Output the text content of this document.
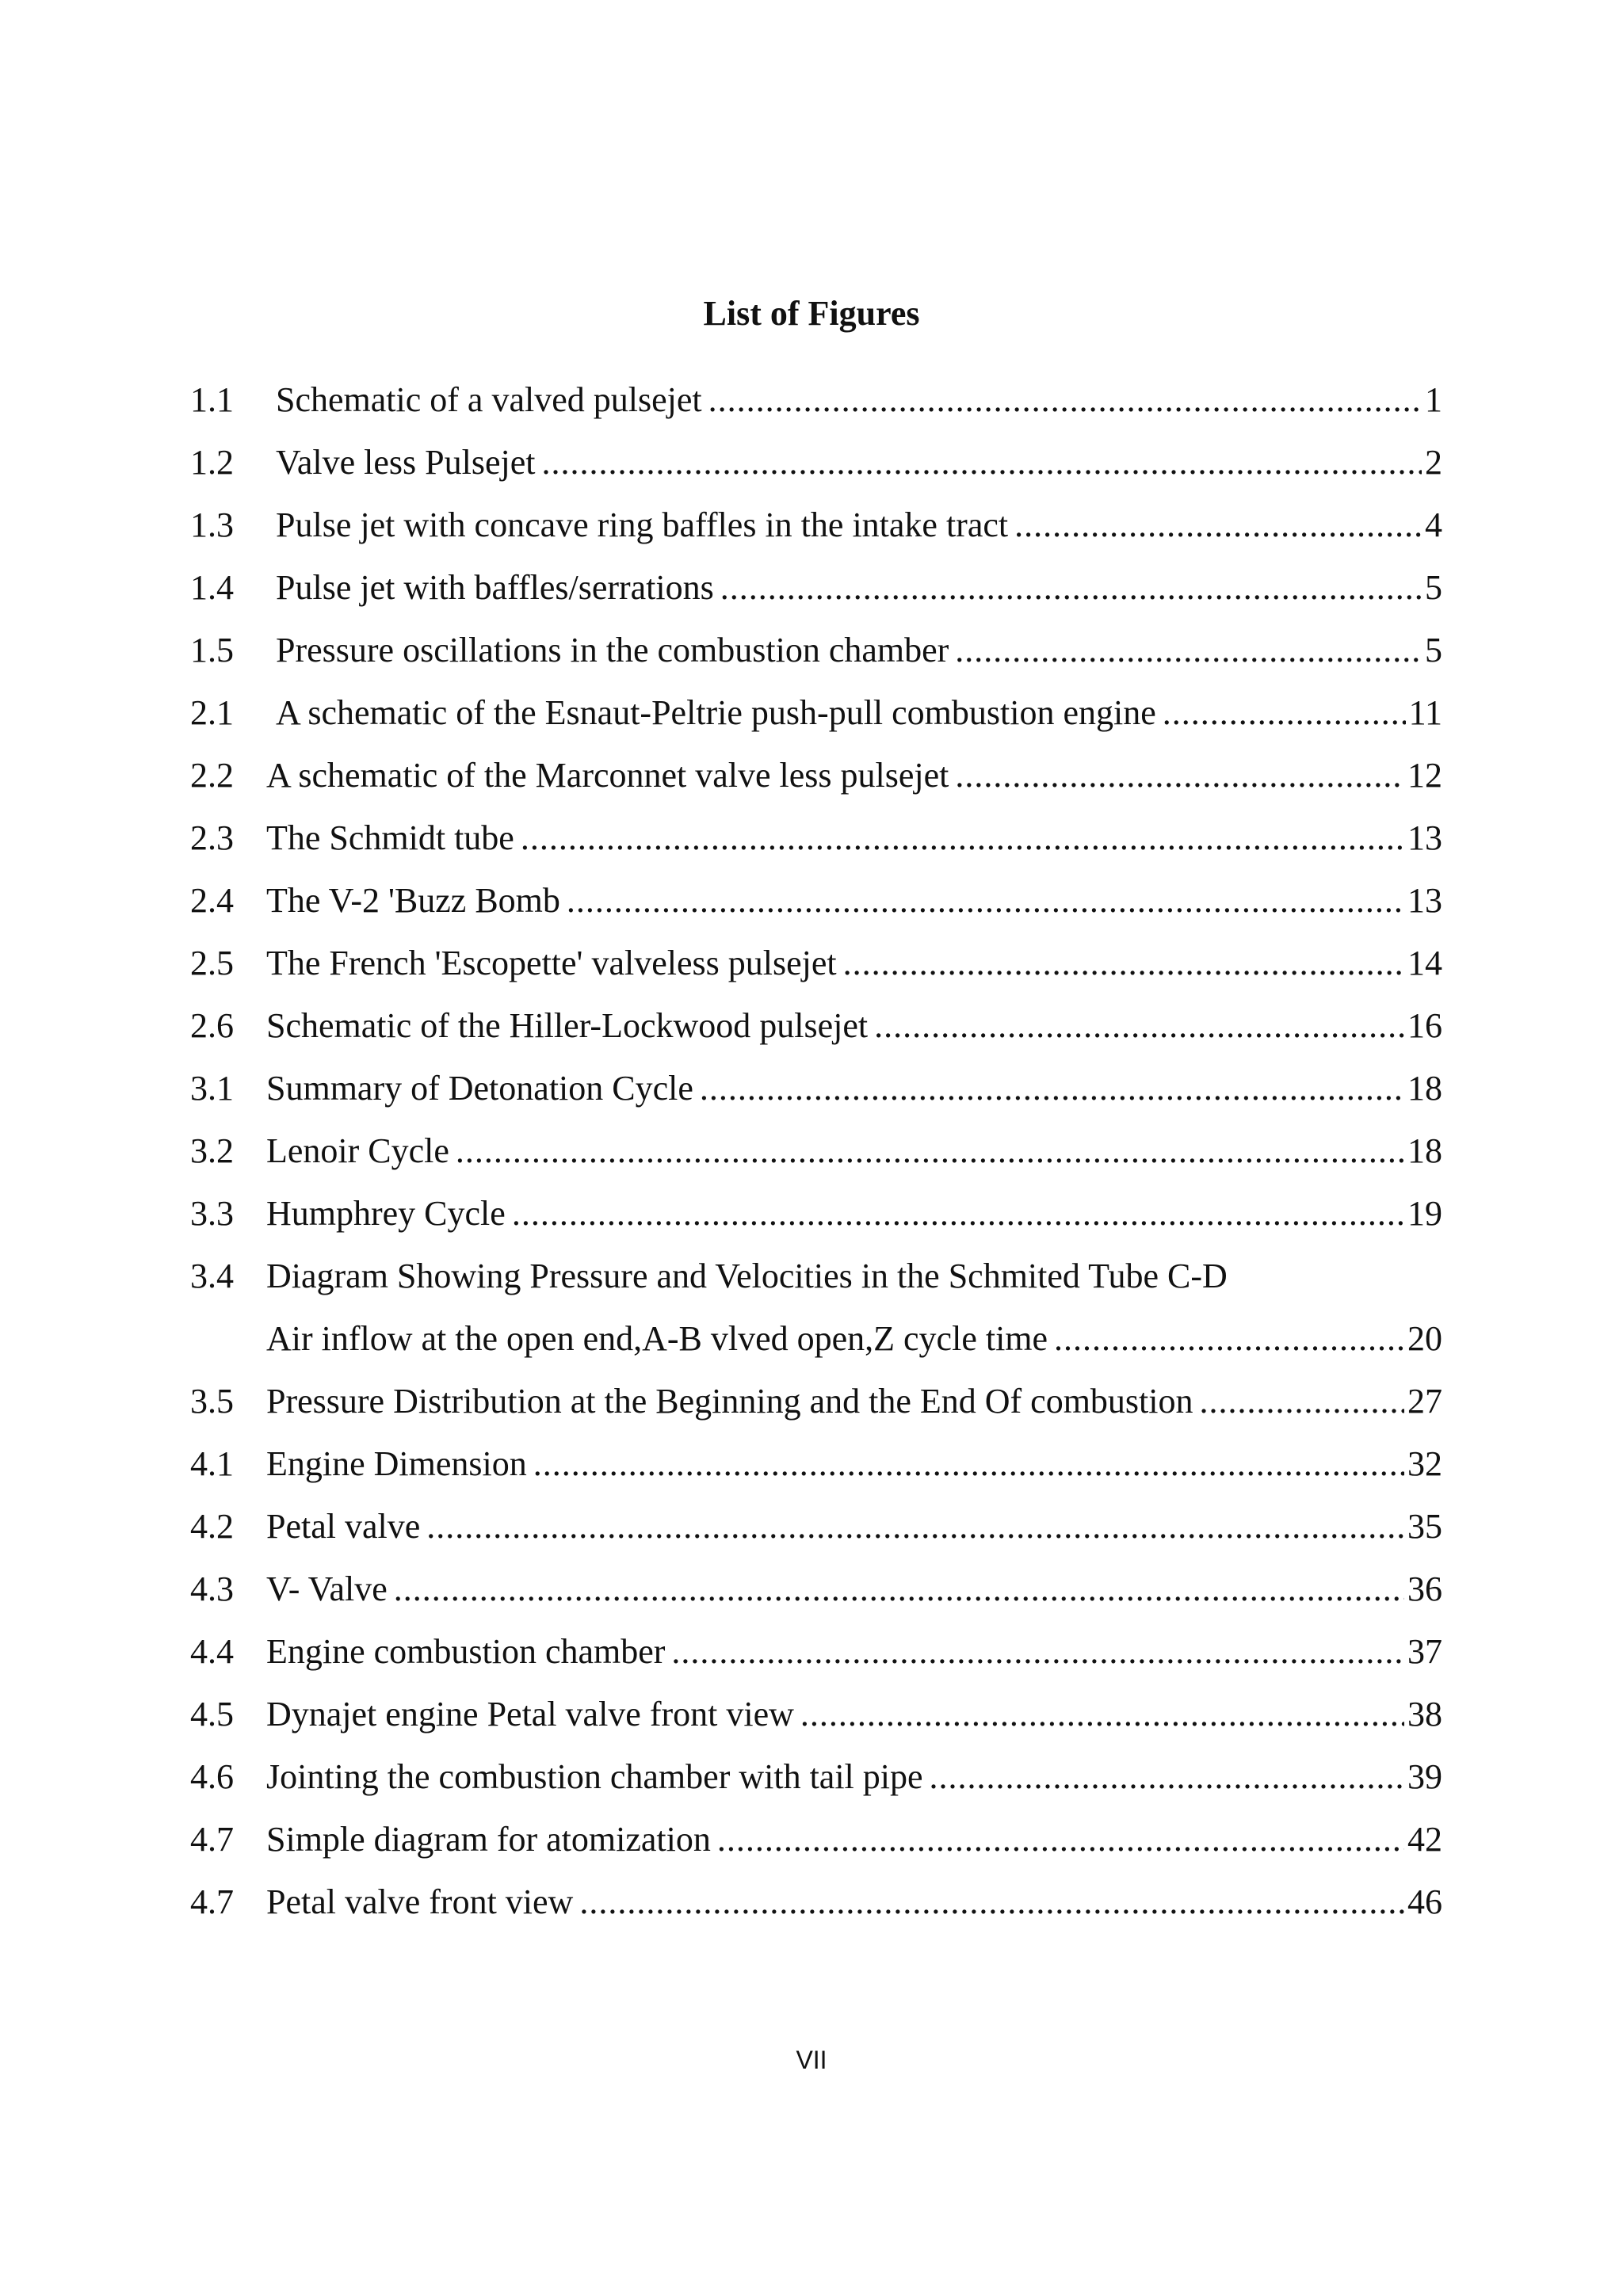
List of Figures
1.1	Schematic of a valved pulsejet .....	1
1.2	Valve less Pulsejet .....	2
1.3	Pulse jet with concave ring baffles in the intake tract .....	4
1.4	Pulse jet with baffles/serrations .....	5
1.5	Pressure oscillations in the combustion chamber .....	5
2.1	A schematic of the Esnaut-Peltrie push-pull combustion engine .....	11
2.2 A schematic of the Marconnet valve less pulsejet .....	12
2.3 The Schmidt tube .....	13
2.4 The V-2 'Buzz Bomb .....	13
2.5 The French 'Escopette' valveless pulsejet .....	14
2.6 Schematic of the Hiller-Lockwood pulsejet .....	16
3.1 Summary of Detonation Cycle .....	18
3.2 Lenoir Cycle .....	18
3.3 Humphrey Cycle .....	19
3.4 Diagram Showing Pressure and Velocities in the Schmited Tube C-D
Air inflow at the open end,A-B vlved open,Z cycle time .....	20
3.5 Pressure Distribution at the Beginning and the End Of combustion .....	27
4.1 Engine Dimension .....	32
4.2 Petal valve .....	35
4.3 V- Valve .....	36
4.4 Engine combustion chamber .....	37
4.5 Dynajet engine Petal valve front view .....	38
4.6 Jointing the combustion chamber with tail pipe .....	39
4.7 Simple diagram for atomization .....	42
4.7 Petal valve front view .....	46
VII
